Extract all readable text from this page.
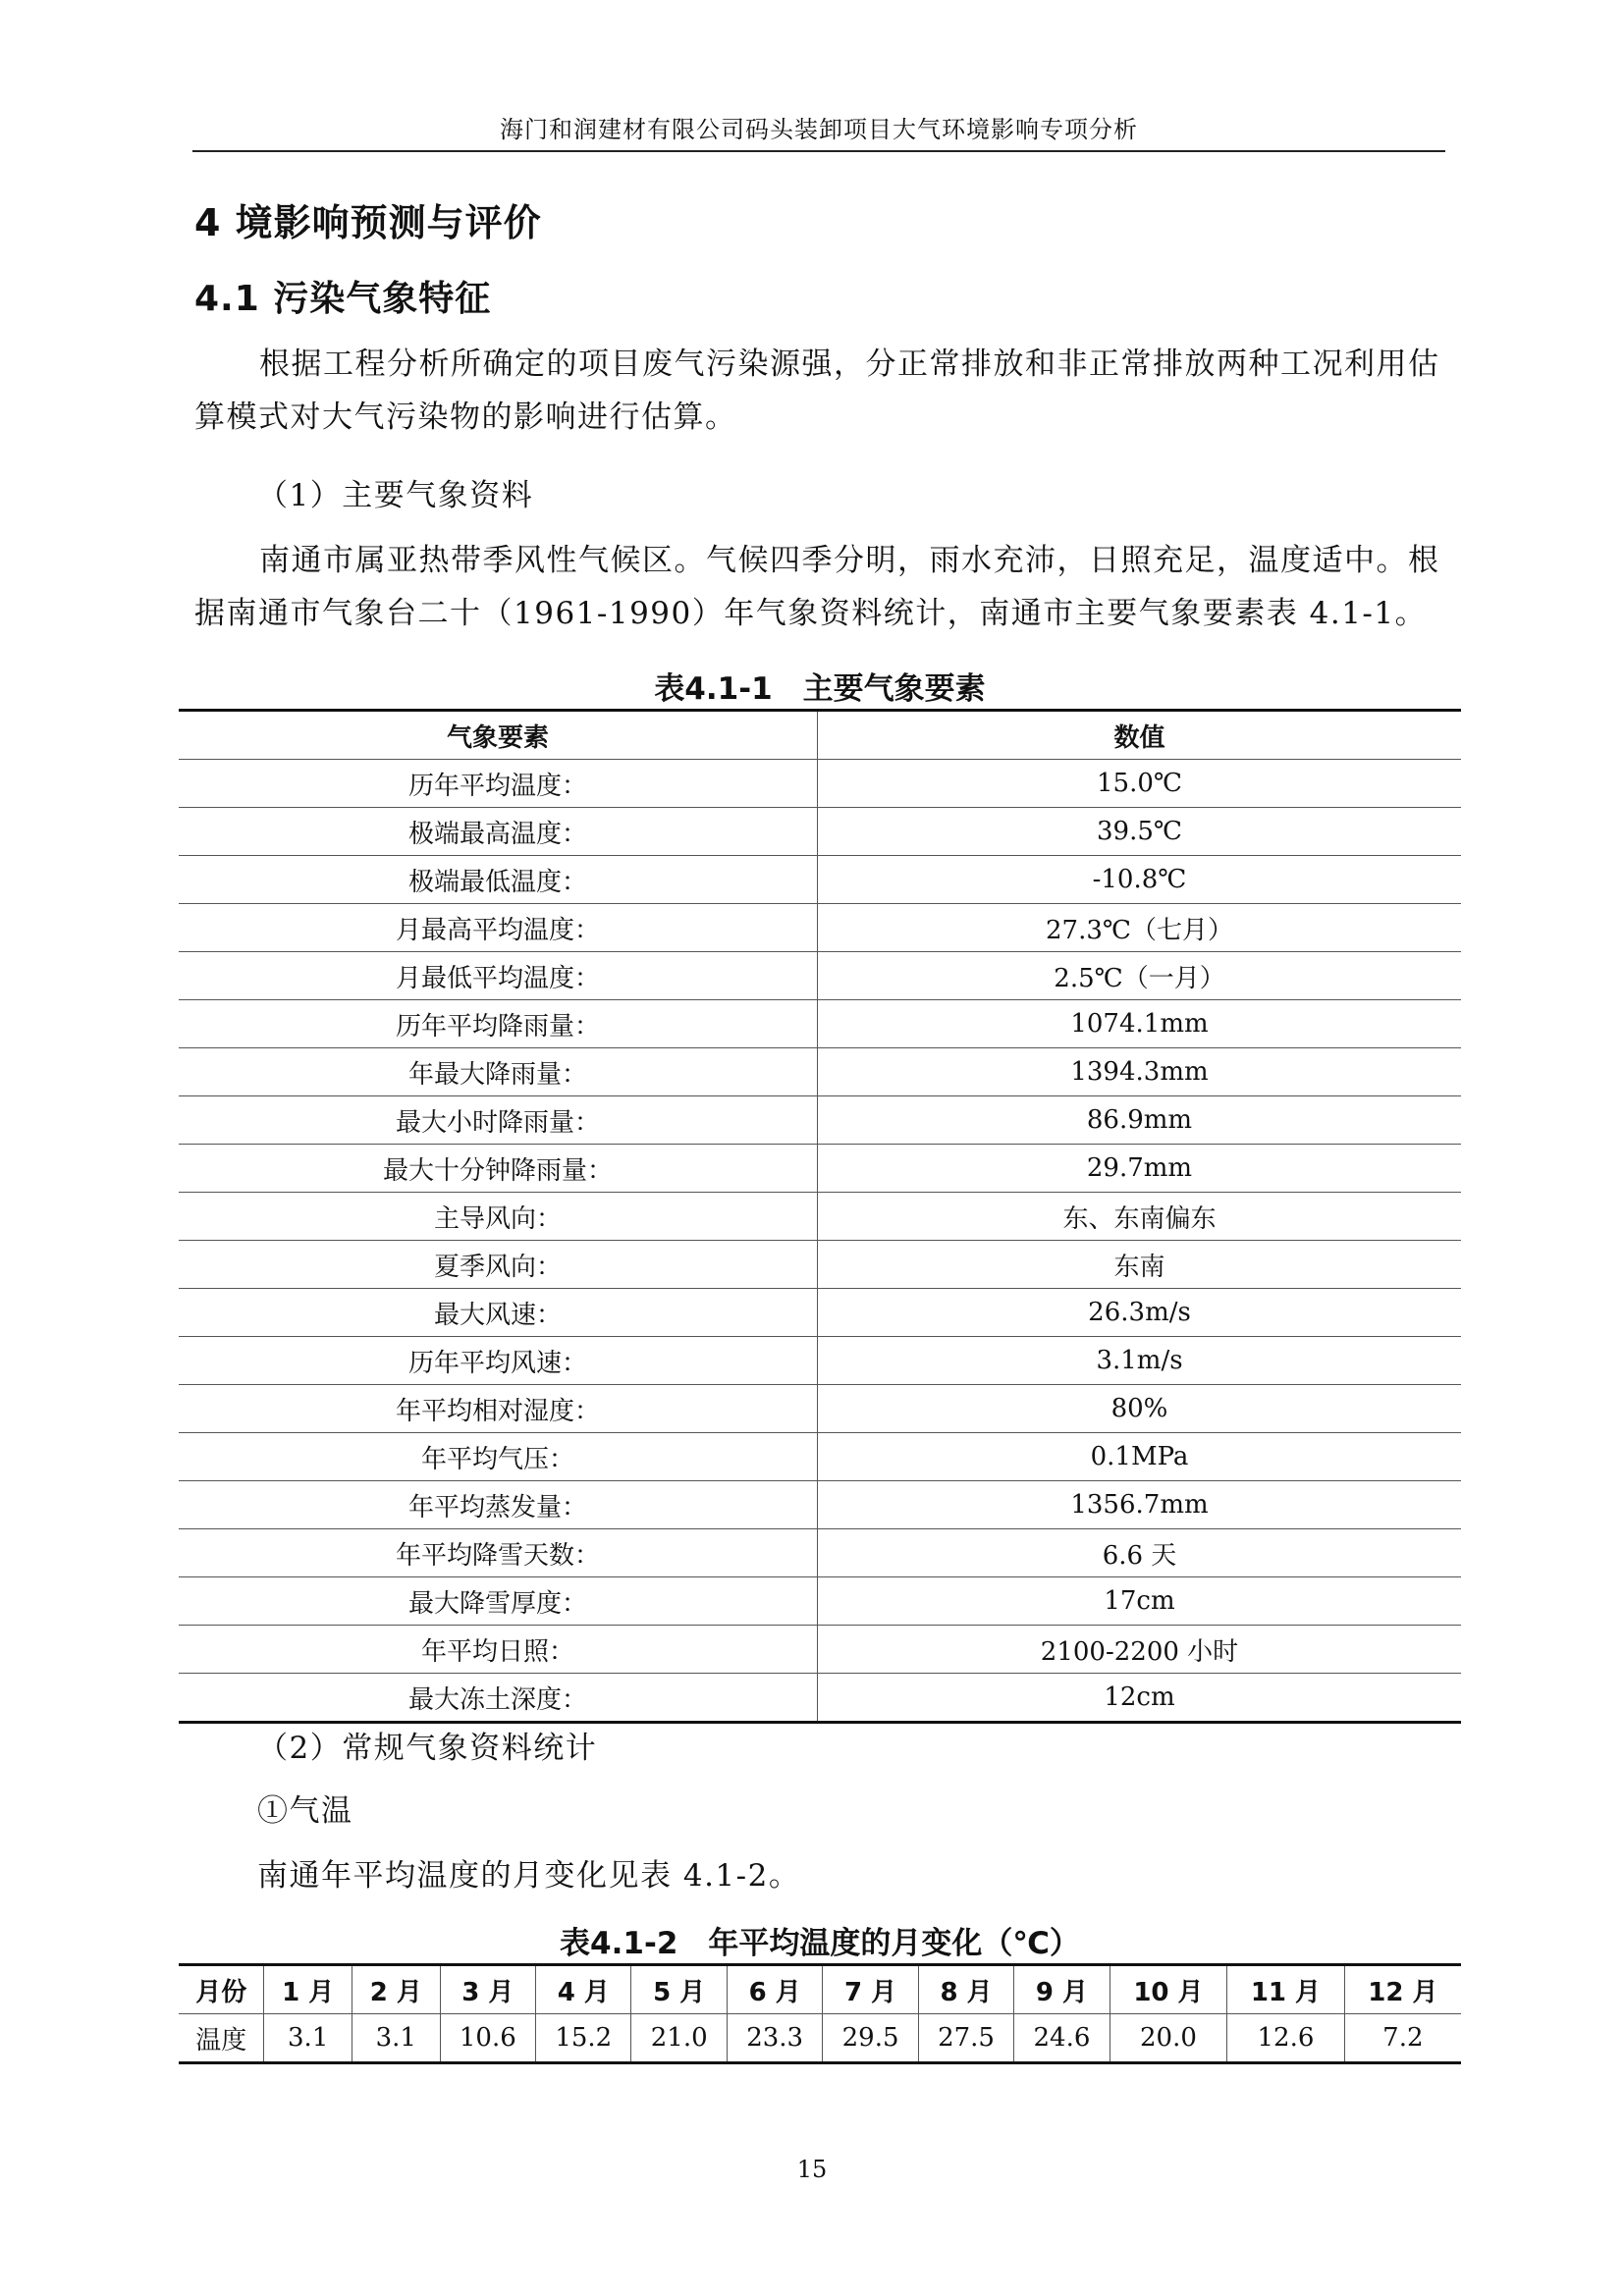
海门和润建材有限公司码头装卸项目大气环境影响专项分析
4 境影响预测与评价
4.1 污染气象特征
根据工程分析所确定的项目废气污染源强，分正常排放和非正常排放两种工况利用估算模式对大气污染物的影响进行估算。
（1）主要气象资料
南通市属亚热带季风性气候区。气候四季分明，雨水充沛，日照充足，温度适中。根据南通市气象台二十（1961-1990）年气象资料统计，南通市主要气象要素表 4.1-1。
表4.1-1　主要气象要素
气象要素	数值
历年平均温度：	15.0℃
极端最高温度：	39.5℃
极端最低温度：	-10.8℃
月最高平均温度：	27.3℃（七月）
月最低平均温度：	2.5℃（一月）
历年平均降雨量：	1074.1mm
年最大降雨量：	1394.3mm
最大小时降雨量：	86.9mm
最大十分钟降雨量：	29.7mm
主导风向：	东、东南偏东
夏季风向：	东南
最大风速：	26.3m/s
历年平均风速：	3.1m/s
年平均相对湿度：	80%
年平均气压：	0.1MPa
年平均蒸发量：	1356.7mm
年平均降雪天数：	6.6 天
最大降雪厚度：	17cm
年平均日照：	2100-2200 小时
最大冻土深度：	12cm
（2）常规气象资料统计
①气温
南通年平均温度的月变化见表 4.1-2。
表4.1-2　年平均温度的月变化（℃）
月份	1 月	2 月	3 月	4 月	5 月	6 月	7 月	8 月	9 月	10 月	11 月	12 月
温度	3.1	3.1	10.6	15.2	21.0	23.3	29.5	27.5	24.6	20.0	12.6	7.2
15
